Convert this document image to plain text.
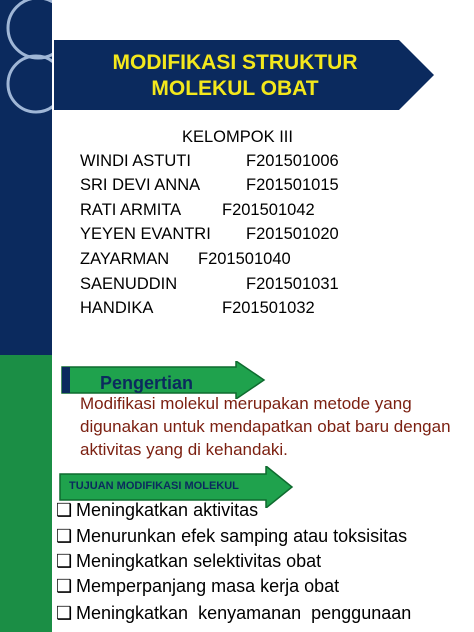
MODIFIKASI STRUKTUR
MOLEKUL OBAT
KELOMPOK III
WINDI ASTUTI	F201501006
SRI DEVI ANNA	F201501015
RATI ARMITA F201501042
YEYEN EVANTRI F201501020
ZAYARMAN F201501040
SAENUDDIN	F201501031
HANDIKA	F201501032
Modifikasi molekul merupakan metode yang digunakan untuk mendapatkan obat baru dengan aktivitas yang di kehandaki.
Pengertian
TUJUAN MODIFIKASI MOLEKUL
❑ Meningkatkan aktivitas
❑ Menurunkan efek samping atau toksisitas
❑ Meningkatkan selektivitas obat
❑ Memperpanjang masa kerja obat
❑ Meningkatkan kenyamanan penggunaan
